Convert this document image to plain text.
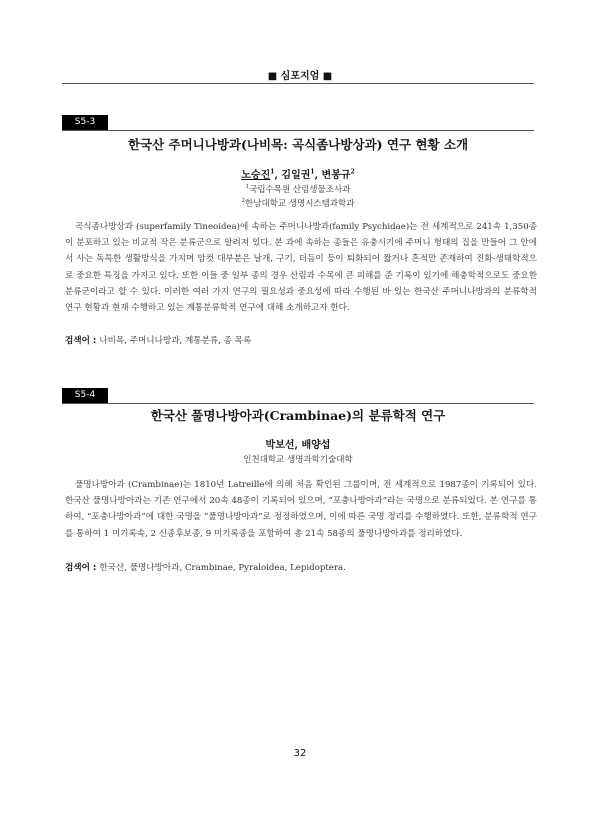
■ 심포지엄 ■
S5-3
한국산 주머니나방과(나비목: 곡식좀나방상과) 연구 현황 소개
노승진$^1$, 김일권$^1$, 변봉규$^2$
$^1$국립수목원 산림생물조사과
$^2$한남대학교 생명시스템과학과

곡식좀나방상과 (superfamily Tineoidea)에 속하는 주머니나방과(family Psychidae)는 전 세계적으로 241속 1,350종이 분포하고 있는 비교적 작은 분류군으로 알려져 있다. 본 과에 속하는 종들은 유충시기에 주머니 형태의 집을 만들어 그 안에서 사는 독특한 생활방식을 가지며 암컷 대부분은 날개, 구기, 더듬이 등이 퇴화되어 짧거나 흔적만 존재하여 진화-생태학적으로 중요한 특징을 가지고 있다. 또한 이들 중 일부 종의 경우 산림과 수목에 큰 피해를 준 기록이 있기에 해충학적으로도 중요한 분류군이라고 할 수 있다. 이러한 여러 가지 연구의 필요성과 중요성에 따라 수행된 바 있는 한국산 주머니나방과의 분류학적 연구 현황과 현재 수행하고 있는 계통분류학적 연구에 대해 소개하고자 한다.

검색어 : 나비목, 주머니나방과, 계통분류, 종 목록
S5-4
한국산 풀명나방아과(Crambinae)의 분류학적 연구
박보선, 배양섭
인천대학교 생명과학기술대학

풀명나방아과 (Crambinae)는 1810년 Latreille에 의해 처음 확인된 그룹이며, 전 세계적으로 1987종이 기록되어 있다. 한국산 풀명나방아과는 기존 연구에서 20속 48종이 기록되어 있으며, “포충나방아과”라는 국명으로 분류되었다. 본 연구를 통하여, “포충나방아과”에 대한 국명을 “풀명나방아과”로 정정하였으며, 이에 따른 국명 정리를 수행하였다. 또한, 분류학적 연구를 통하여 1 미기록속, 2 신종후보종, 9 미기록종을 포함하여 총 21속 58종의 풀명나방아과를 정리하였다.

검색어 : 한국산, 풀명나방아과, Crambinae, Pyraloidea, Lepidoptera.
32
